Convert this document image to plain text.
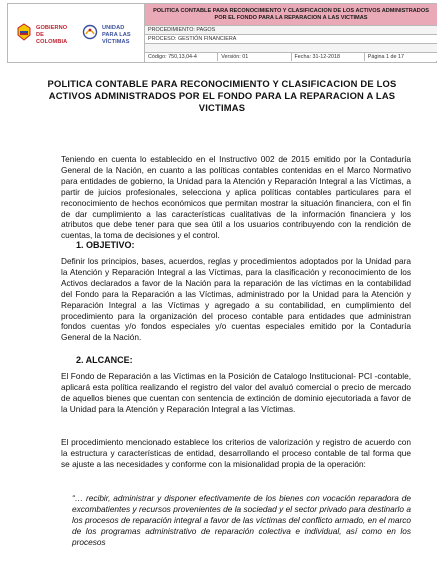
GOBIERNO DE COLOMBIA
UNIDAD PARA LAS VÍCTIMAS
POLITICA CONTABLE PARA RECONOCIMIENTO Y CLASIFICACION DE LOS ACTIVOS ADMINISTRADOS POR EL FONDO PARA LA REPARACION A LAS VICTIMAS
PROCEDIMIENTO: PAGOS
PROCESO: GESTIÓN FINANCIERA
Código: 750,13,04-4	Versión: 01	Fecha: 31-12-2018	Página 1 de 17
POLITICA CONTABLE PARA RECONOCIMIENTO Y CLASIFICACION DE LOS ACTIVOS ADMINISTRADOS POR EL FONDO PARA LA REPARACION A LAS VICTIMAS
Teniendo en cuenta lo establecido en el Instructivo 002 de 2015 emitido por la Contaduría General de la Nación, en cuanto a las políticas contables contenidas en el Marco Normativo para entidades de gobierno, la Unidad para la Atención y Reparación Integral a las Víctimas, a partir de juicios profesionales, selecciona y aplica políticas contables particulares para el reconocimiento de hechos económicos que permitan mostrar la situación financiera, con el fin de dar cumplimiento a las características cualitativas de la información financiera y los atributos que debe tener para que sea útil a los usuarios contribuyendo con la rendición de cuentas, la toma de decisiones y el control.
1. OBJETIVO:
Definir los principios, bases, acuerdos, reglas y procedimientos adoptados por la Unidad para la Atención y Reparación Integral a las Víctimas, para la clasificación y reconocimiento de los Activos declarados a favor de la Nación para la reparación de las víctimas en la contabilidad del Fondo para la Reparación a las Víctimas, administrado por la Unidad para la Atención y Reparación Integral a las Víctimas y agregado a su contabilidad, en cumplimiento del procedimiento para la organización del proceso contable para entidades que administran fondos cuentas y/o fondos especiales y/o cuentas especiales emitido por la Contaduría General de la Nación.
2. ALCANCE:
El Fondo de Reparación a las Víctimas en la Posición de Catalogo Institucional- PCI -contable, aplicará esta política realizando el registro del valor del avaluó comercial o precio de mercado de aquellos bienes que cuentan con sentencia de extinción de dominio ejecutoriada a favor de la Unidad para la Atención y Reparación Integral a las Víctimas.
El procedimiento mencionado establece los criterios de valorización y registro de acuerdo con la estructura y características de entidad, desarrollando el proceso contable de tal forma que se ajuste a las necesidades y conforme con la misionalidad propia de la operación:
“… recibir, administrar y disponer efectivamente de los bienes con vocación reparadora de excombatientes y recursos provenientes de la sociedad y el sector privado para destinarlo a los procesos de reparación integral a favor de las víctimas del conflicto armado, en el marco de los programas administrativo de reparación colectiva e individual, así como en los procesos
